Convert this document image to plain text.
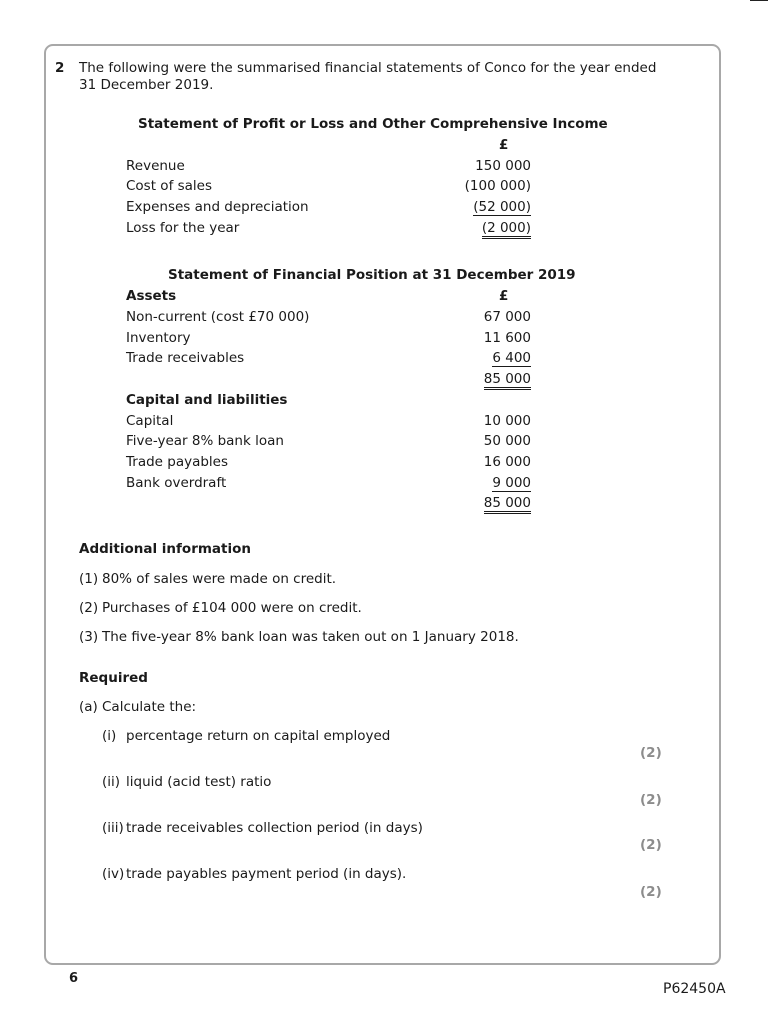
2 The following were the summarised financial statements of Conco for the year ended
31 December 2019.
Statement of Profit or Loss and Other Comprehensive Income
£
Revenue	150 000
Cost of sales	(100 000)
Expenses and depreciation	(52 000)
Loss for the year	(2 000)
Statement of Financial Position at 31 December 2019
Assets	£
Non-current (cost £70 000)	67 000
Inventory	11 600
Trade receivables	6 400
85 000
Capital and liabilities
Capital	10 000
Five-year 8% bank loan	50 000
Trade payables	16 000
Bank overdraft	9 000
85 000
Additional information
(1) 80% of sales were made on credit.
(2) Purchases of £104 000 were on credit.
(3) The five-year 8% bank loan was taken out on 1 January 2018.
Required
(a) Calculate the:
(i) percentage return on capital employed
(2)
(ii) liquid (acid test) ratio
(2)
(iii) trade receivables collection period (in days)
(2)
(iv) trade payables payment period (in days).
(2)
6
P62450A
